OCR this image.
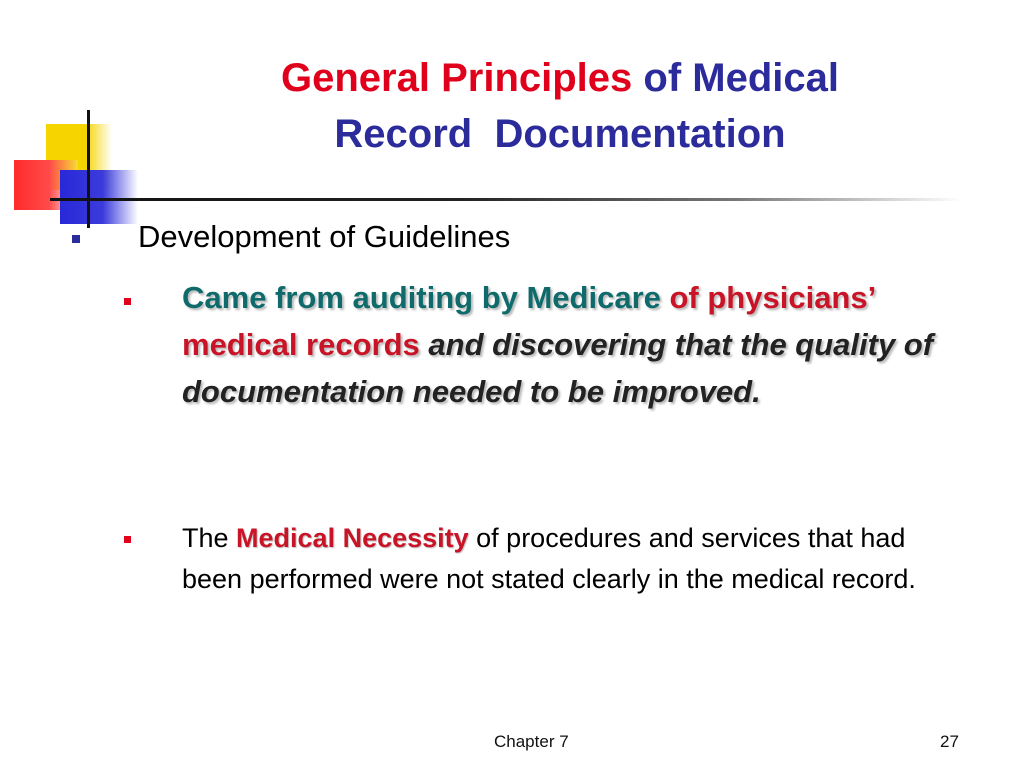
General Principles of Medical
Record  Documentation
Development of Guidelines
Came from auditing by Medicare of physicians’ medical records and discovering that the quality of documentation needed to be improved.
The Medical Necessity of procedures and services that had been performed were not stated clearly in the medical record.
Chapter 7	27
